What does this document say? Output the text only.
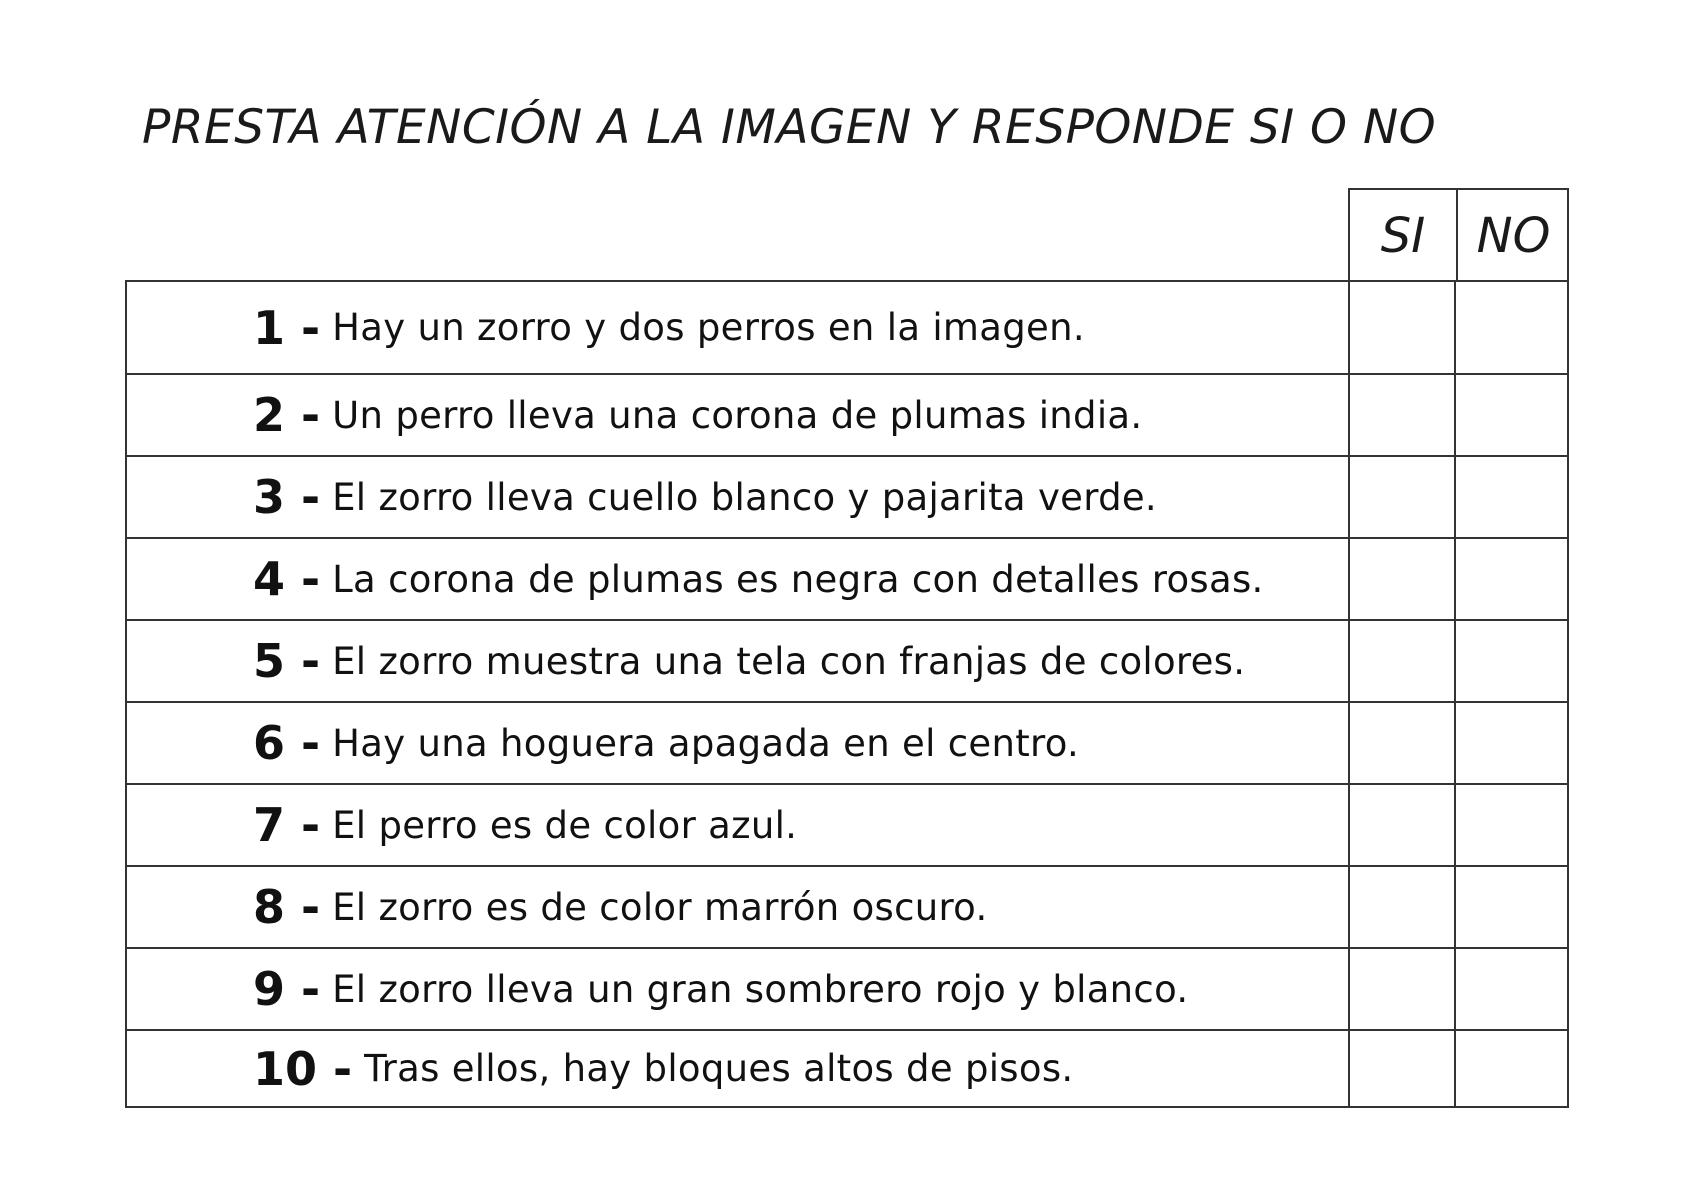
PRESTA ATENCIÓN A LA IMAGEN Y RESPONDE SI O NO
SI	NO
1 - Hay un zorro y dos perros en la imagen.
2 - Un perro lleva una corona de plumas india.
3 - El zorro lleva cuello blanco y pajarita verde.
4 - La corona de plumas es negra con detalles rosas.
5 - El zorro muestra una tela con franjas de colores.
6 - Hay una hoguera apagada en el centro.
7 - El perro es de color azul.
8 - El zorro es de color marrón oscuro.
9 - El zorro lleva un gran sombrero rojo y blanco.
10 - Tras ellos, hay bloques altos de pisos.
